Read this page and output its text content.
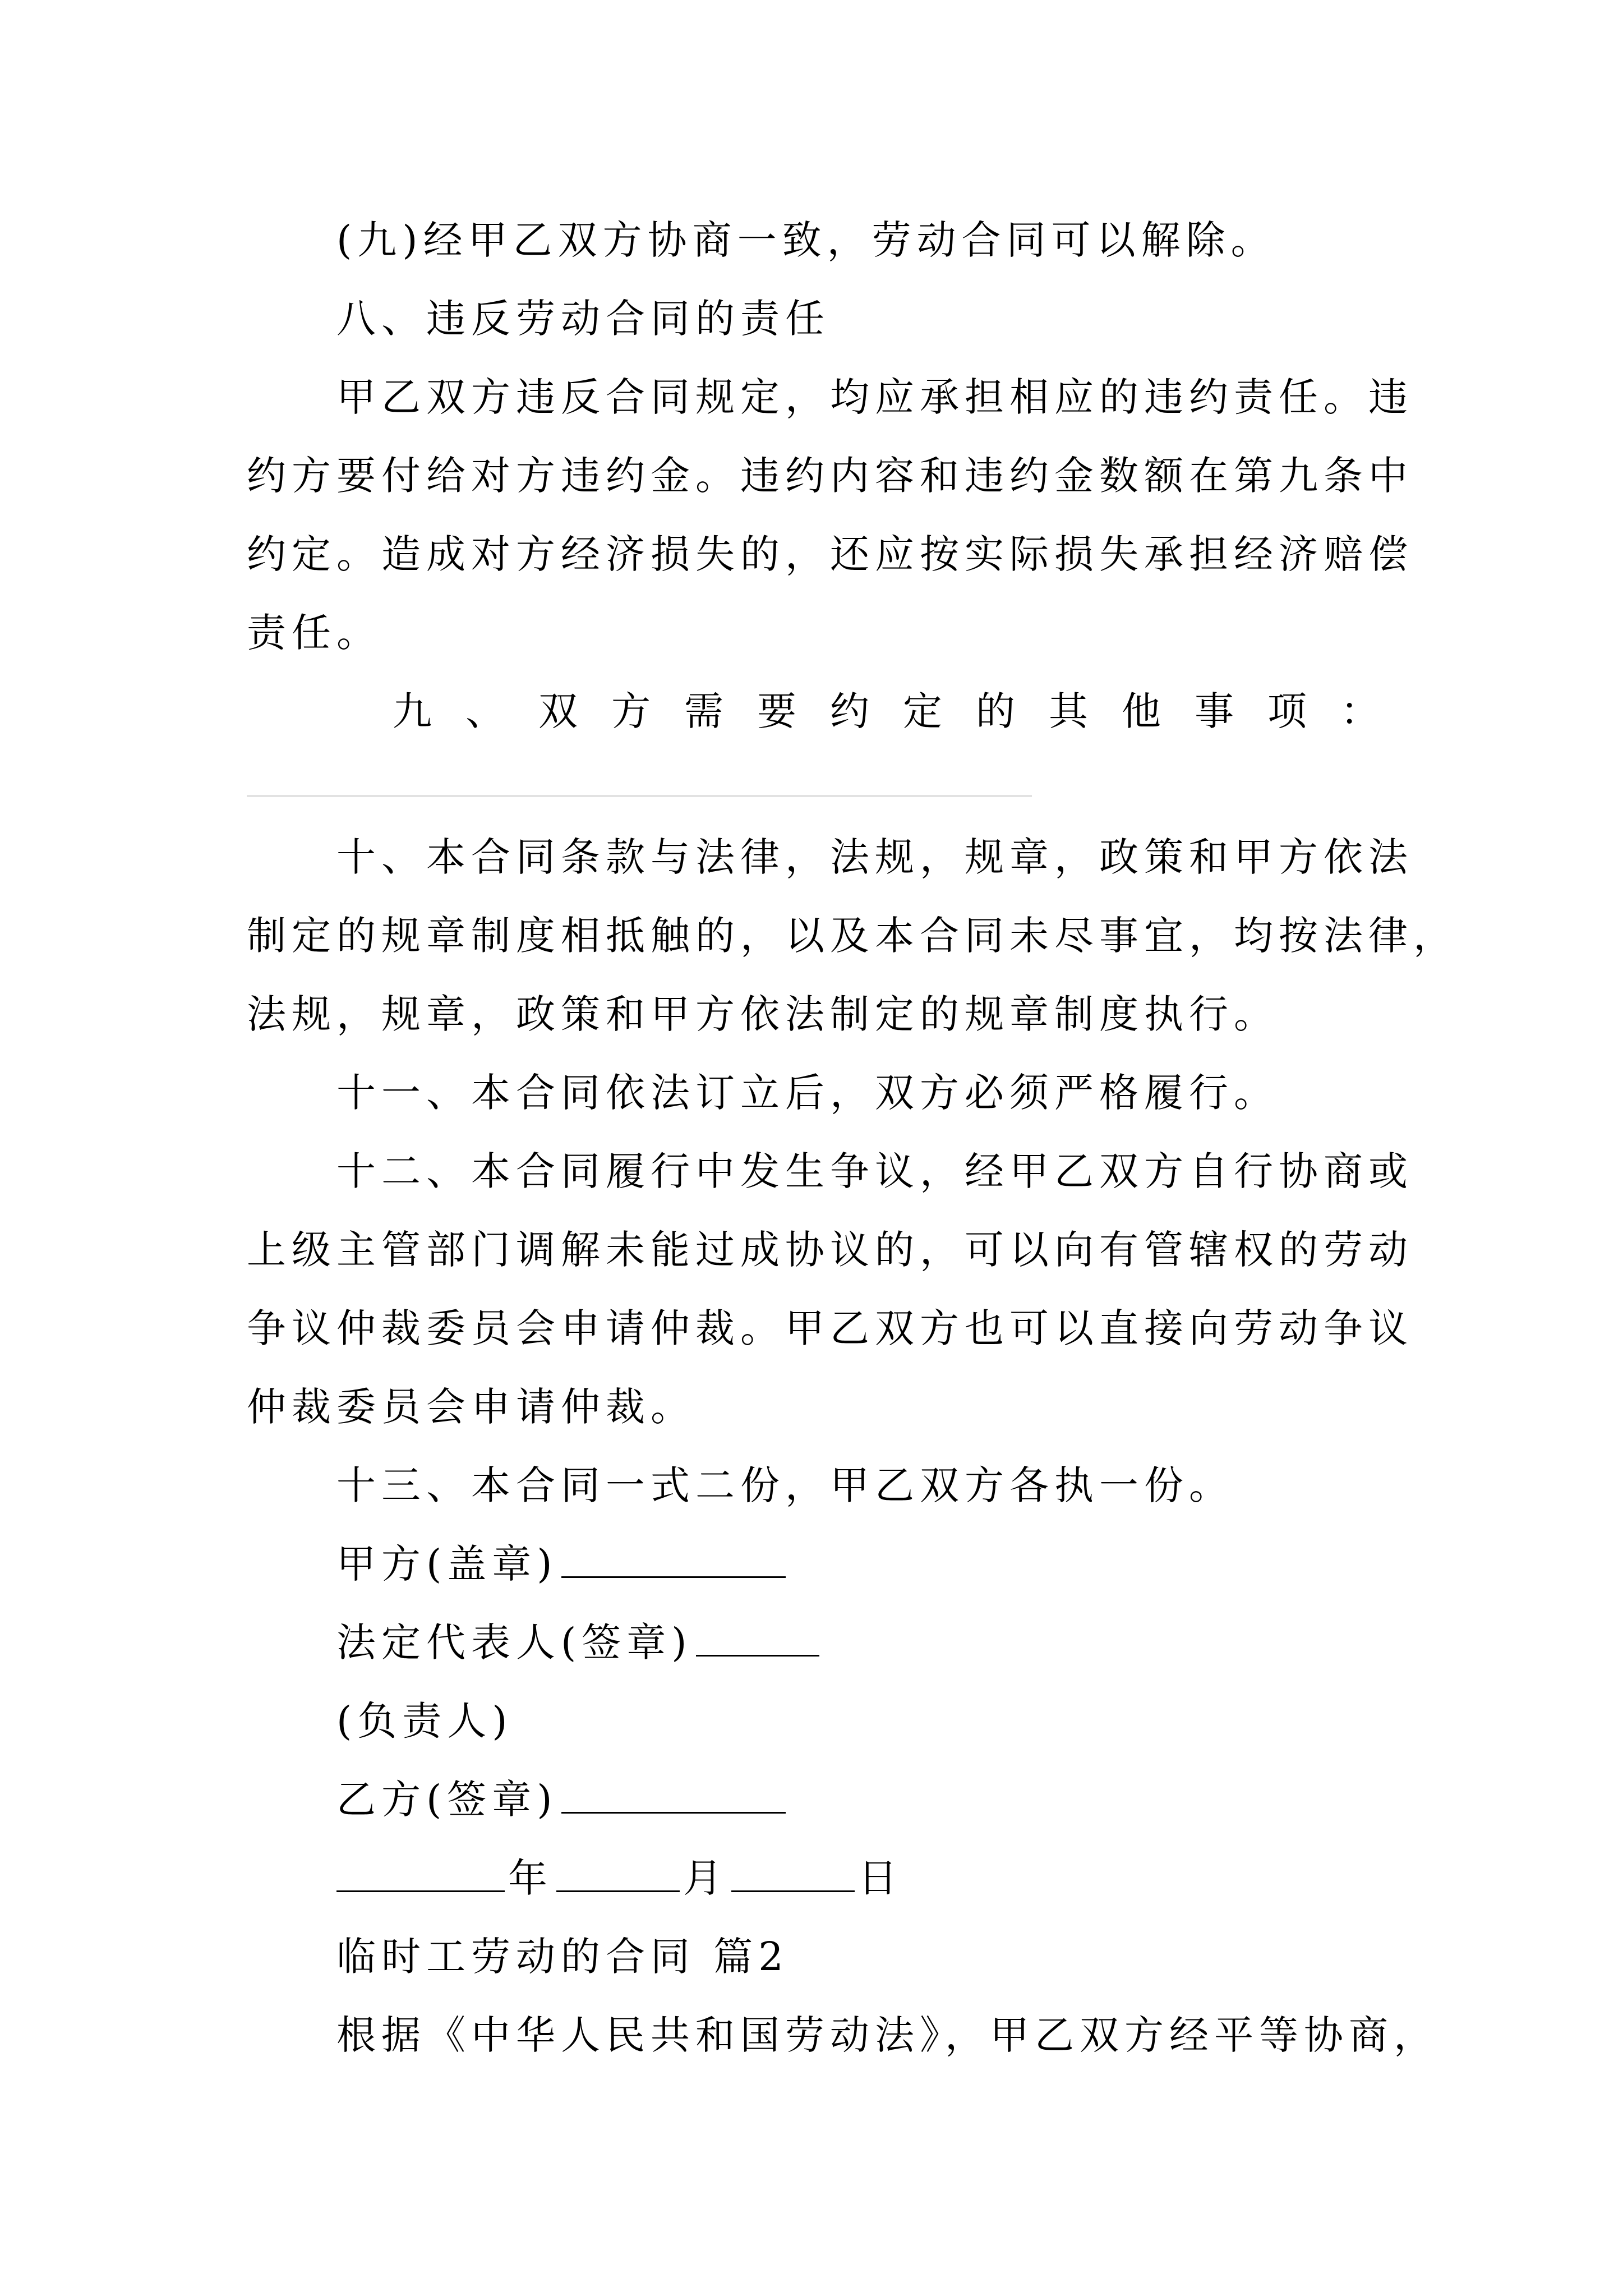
(九)经甲乙双方协商一致，劳动合同可以解除。
八、违反劳动合同的责任
甲乙双方违反合同规定，均应承担相应的违约责任。违
约方要付给对方违约金。违约内容和违约金数额在第九条中
约定。造成对方经济损失的，还应按实际损失承担经济赔偿
责任。
九 、 双 方 需 要 约 定 的 其 他 事 项 ：
十、本合同条款与法律，法规，规章，政策和甲方依法
制定的规章制度相抵触的，以及本合同未尽事宜，均按法律，
法规，规章，政策和甲方依法制定的规章制度执行。
十一、本合同依法订立后，双方必须严格履行。
十二、本合同履行中发生争议，经甲乙双方自行协商或
上级主管部门调解未能过成协议的，可以向有管辖权的劳动
争议仲裁委员会申请仲裁。甲乙双方也可以直接向劳动争议
仲裁委员会申请仲裁。
十三、本合同一式二份，甲乙双方各执一份。
甲方(盖章)
法定代表人(签章)
(负责人)
乙方(签章)
年	月	日
临时工劳动的合同 篇2
根据《中华人民共和国劳动法》，甲乙双方经平等协商，
